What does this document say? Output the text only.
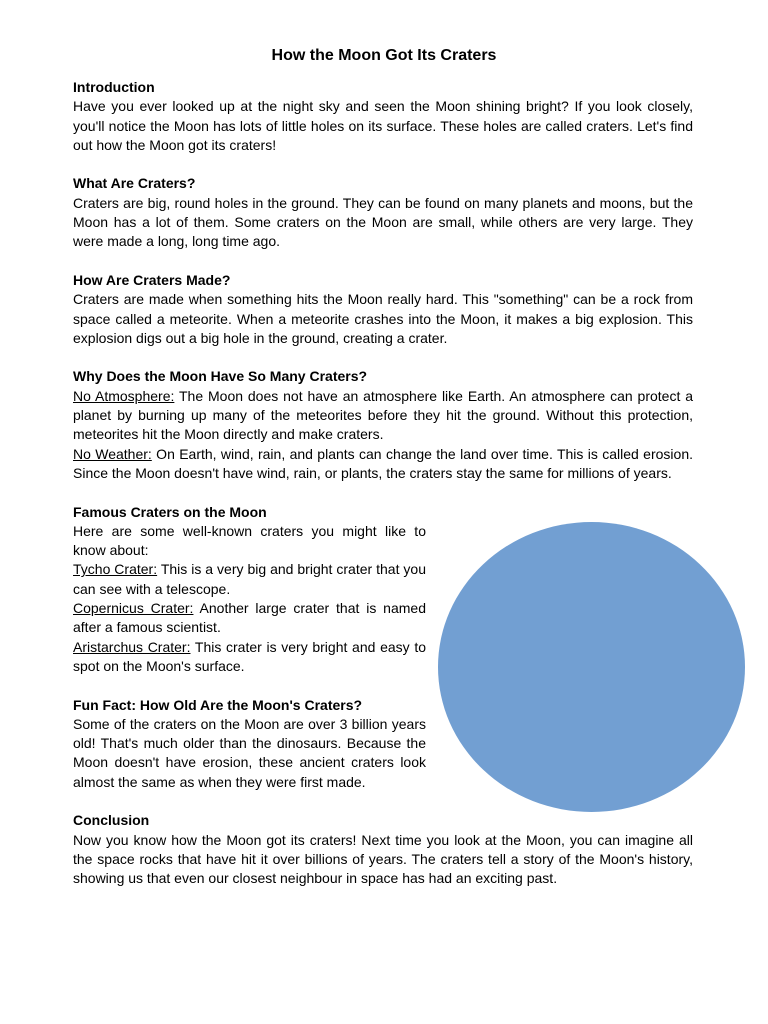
How the Moon Got Its Craters
Introduction

Have you ever looked up at the night sky and seen the Moon shining bright? If you look closely, you'll notice the Moon has lots of little holes on its surface. These holes are called craters. Let's find out how the Moon got its craters!

What Are Craters?

Craters are big, round holes in the ground. They can be found on many planets and moons, but the Moon has a lot of them. Some craters on the Moon are small, while others are very large. They were made a long, long time ago.

How Are Craters Made?

Craters are made when something hits the Moon really hard. This "something" can be a rock from space called a meteorite. When a meteorite crashes into the Moon, it makes a big explosion. This explosion digs out a big hole in the ground, creating a crater.

Why Does the Moon Have So Many Craters?

No Atmosphere: The Moon does not have an atmosphere like Earth. An atmosphere can protect a planet by burning up many of the meteorites before they hit the ground. Without this protection, meteorites hit the Moon directly and make craters.

No Weather: On Earth, wind, rain, and plants can change the land over time. This is called erosion. Since the Moon doesn't have wind, rain, or plants, the craters stay the same for millions of years.

Famous Craters on the Moon

Here are some well-known craters you might like to know about:

Tycho Crater: This is a very big and bright crater that you can see with a telescope.

Copernicus Crater: Another large crater that is named after a famous scientist.

Aristarchus Crater: This crater is very bright and easy to spot on the Moon's surface.

Fun Fact: How Old Are the Moon's Craters?

Some of the craters on the Moon are over 3 billion years old! That's much older than the dinosaurs. Because the Moon doesn't have erosion, these ancient craters look almost the same as when they were first made.

Conclusion

Now you know how the Moon got its craters! Next time you look at the Moon, you can imagine all the space rocks that have hit it over billions of years. The craters tell a story of the Moon's history, showing us that even our closest neighbour in space has had an exciting past.
